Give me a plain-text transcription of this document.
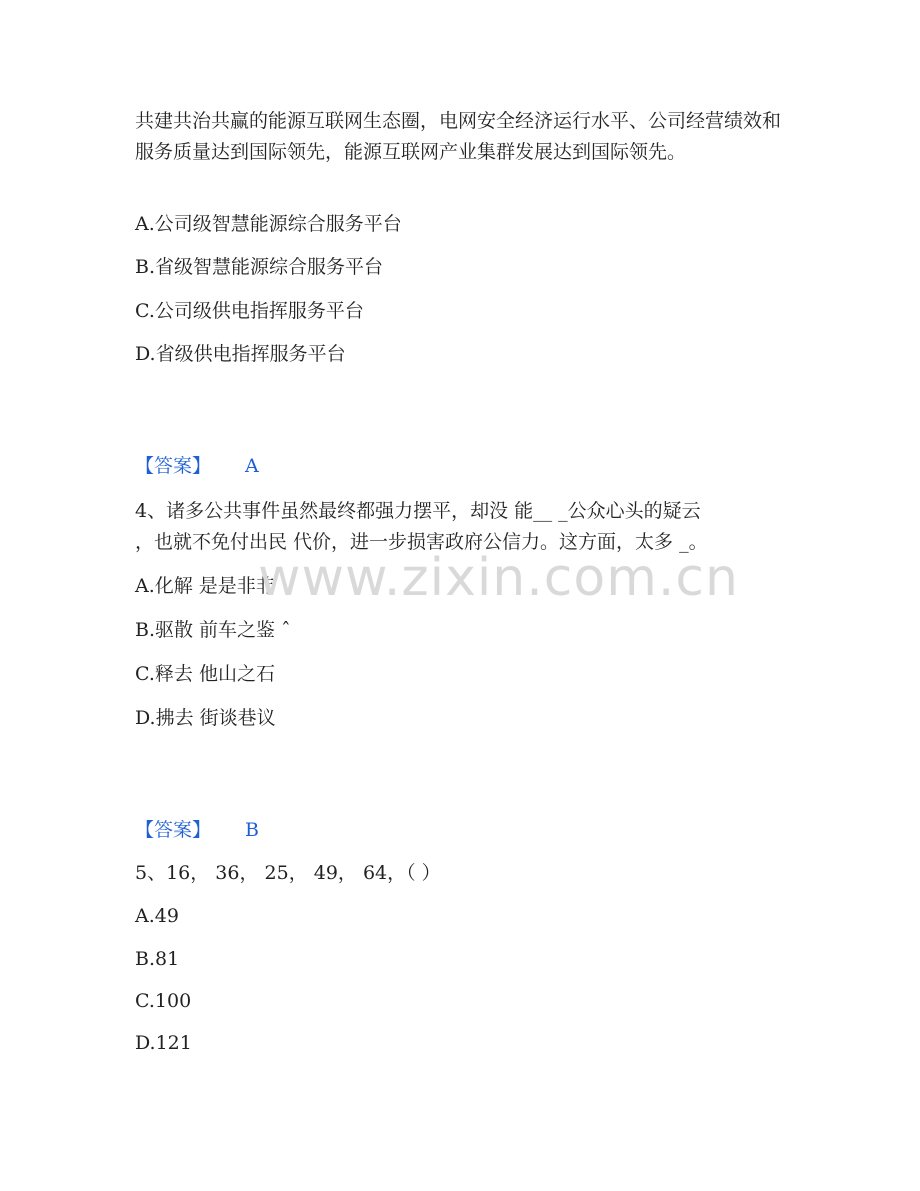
共建共治共赢的能源互联网生态圈，电网安全经济运行水平、公司经营绩效和服务质量达到国际领先，能源互联网产业集群发展达到国际领先。
A.公司级智慧能源综合服务平台
B.省级智慧能源综合服务平台
C.公司级供电指挥服务平台
D.省级供电指挥服务平台
【答案】 A
4、诸多公共事件虽然最终都强力摆平，却没 能__ _公众心头的疑云
，也就不免付出民 代价，进一步损害政府公信力。这方面，太多 _。
A.化解 是是非非
B.驱散 前车之鉴 ˆ
C.释去 他山之石
D.拂去 街谈巷议
【答案】 B
5、16， 36， 25， 49， 64，（ ）
A.49
B.81
C.100
D.121
www.zixin.com.cn
